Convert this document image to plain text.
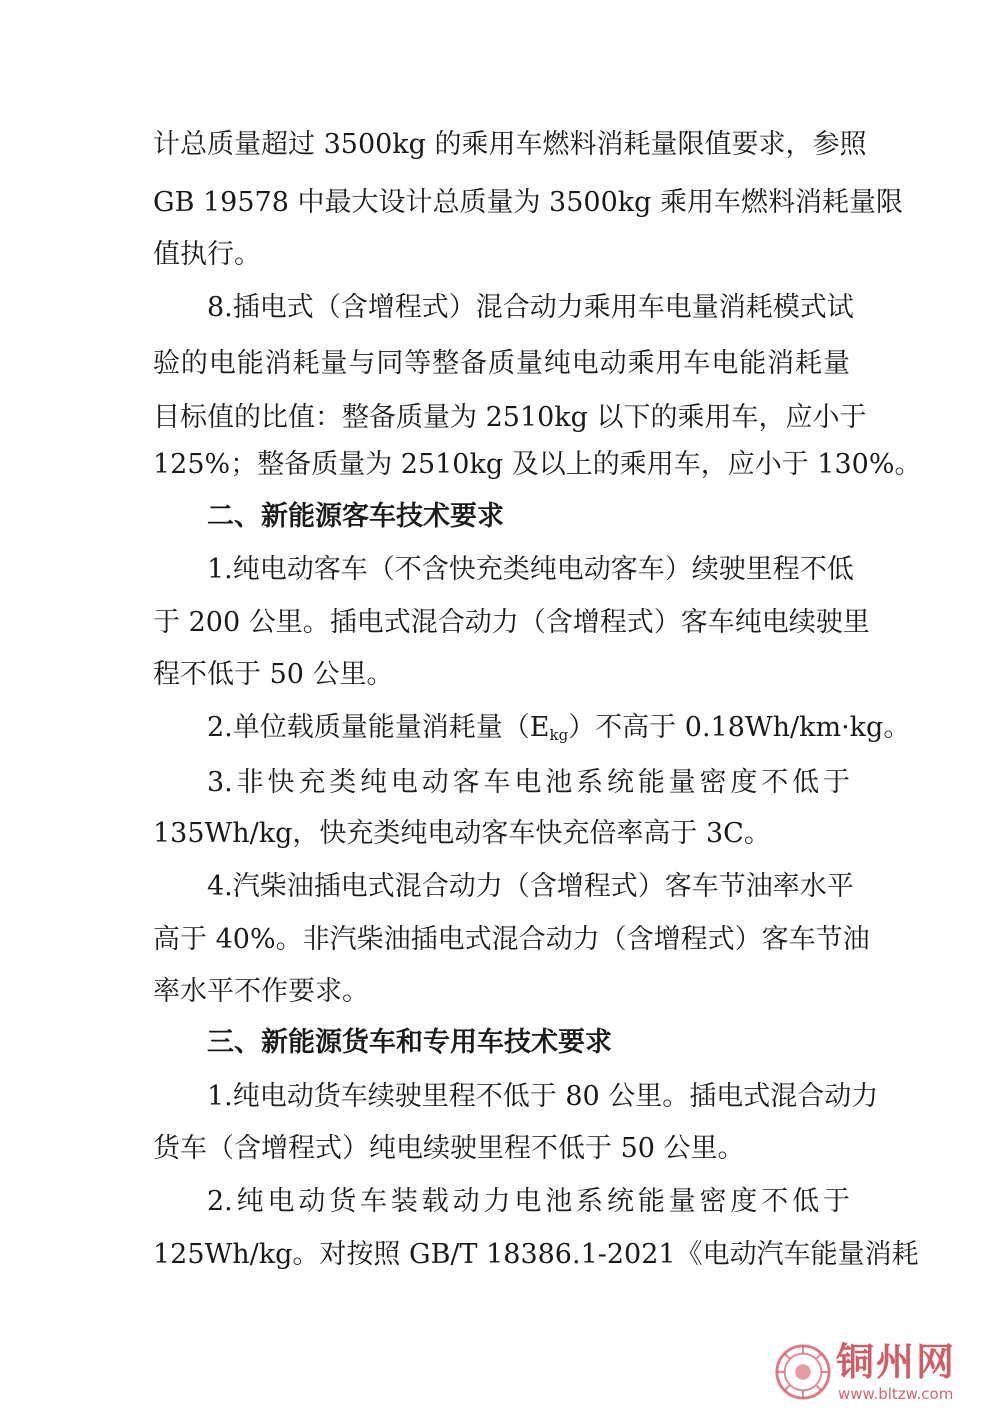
计总质量超过 3500kg 的乘用车燃料消耗量限值要求，参照
GB 19578 中最大设计总质量为 3500kg 乘用车燃料消耗量限
值执行。
8.插电式（含增程式）混合动力乘用车电量消耗模式试
验的电能消耗量与同等整备质量纯电动乘用车电能消耗量
目标值的比值：整备质量为 2510kg 以下的乘用车，应小于
125%；整备质量为 2510kg 及以上的乘用车，应小于 130%。
二、新能源客车技术要求
1.纯电动客车（不含快充类纯电动客车）续驶里程不低
于 200 公里。插电式混合动力（含增程式）客车纯电续驶里
程不低于 50 公里。
2.单位载质量能量消耗量$(E_{kg})$不高于 0.18Wh/km·kg。
3.非快充类纯电动客车电池系统能量密度不低于
135Wh/kg，快充类纯电动客车快充倍率高于 3C。
4.汽柴油插电式混合动力（含增程式）客车节油率水平
高于 40%。非汽柴油插电式混合动力（含增程式）客车节油
率水平不作要求。
三、新能源货车和专用车技术要求
1.纯电动货车续驶里程不低于 80 公里。插电式混合动力
货车（含增程式）纯电续驶里程不低于 50 公里。
2.纯电动货车装载动力电池系统能量密度不低于
125Wh/kg。对按照 GB/T 18386.1-2021《电动汽车能量消耗
铜州网
www.bltzw.com
